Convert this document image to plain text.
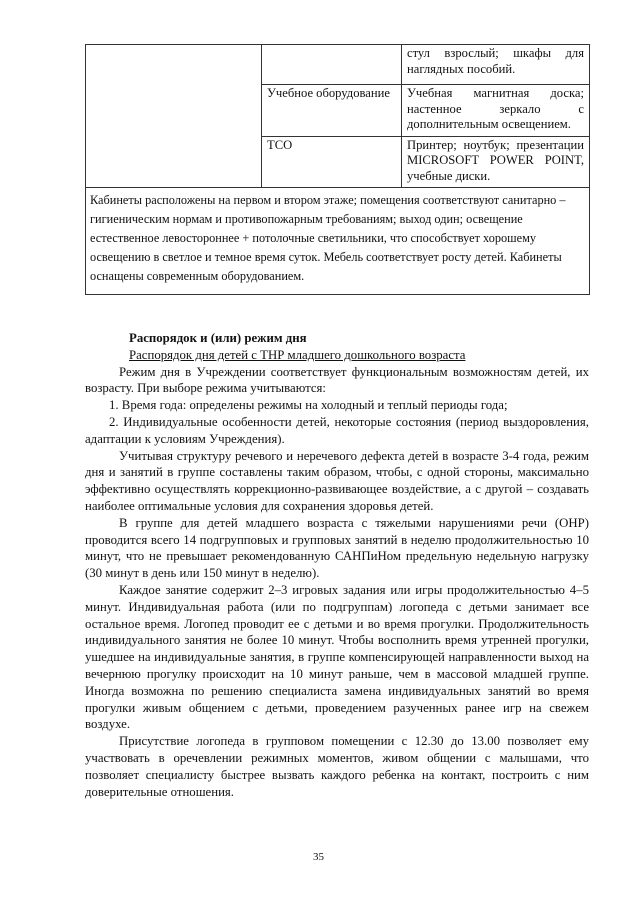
		стул взрослый; шкафы для наглядных пособий.
	Учебное оборудование	Учебная магнитная доска; настенное зеркало с дополнительным освещением.
	ТСО	Принтер; ноутбук; презентации MICROSOFT POWER POINT, учебные диски.
Кабинеты расположены на первом и втором этаже; помещения соответствуют санитарно – гигиеническим нормам и противопожарным требованиям; выход один; освещение естественное левостороннее + потолочные светильники, что способствует хорошему освещению в светлое и темное время суток. Мебель соответствует росту детей. Кабинеты оснащены современным оборудованием.		

Распорядок и (или) режим дня

Распорядок дня детей с ТНР младшего дошкольного возраста

Режим дня в Учреждении соответствует функциональным возможностям детей, их возрасту. При выборе режима учитываются:

1. Время года: определены режимы на холодный и теплый периоды года;

2. Индивидуальные особенности детей, некоторые состояния (период выздоровления, адаптации к условиям Учреждения).

Учитывая структуру речевого и неречевого дефекта детей в возрасте 3-4 года, режим дня и занятий в группе составлены таким образом, чтобы, с одной стороны, максимально эффективно осуществлять коррекционно-развивающее воздействие, а с другой – создавать наиболее оптимальные условия для сохранения здоровья детей.

В группе для детей младшего возраста с тяжелыми нарушениями речи (ОНР) проводится всего 14 подгрупповых и групповых занятий в неделю продолжительностью 10 минут, что не превышает рекомендованную САНПиНом предельную недельную нагрузку (30 минут в день или 150 минут в неделю).

Каждое занятие содержит 2–3 игровых задания или игры продолжительностью 4–5 минут. Индивидуальная работа (или по подгруппам) логопеда с детьми занимает все остальное время. Логопед проводит ее с детьми и во время прогулки. Продолжительность индивидуального занятия не более 10 минут. Чтобы восполнить время утренней прогулки, ушедшее на индивидуальные занятия, в группе компенсирующей направленности выход на вечернюю прогулку происходит на 10 минут раньше, чем в массовой младшей группе. Иногда возможна по решению специалиста замена индивидуальных занятий во время прогулки живым общением с детьми, проведением разученных ранее игр на свежем воздухе.

Присутствие логопеда в групповом помещении с 12.30 до 13.00 позволяет ему участвовать в оречевлении режимных моментов, живом общении с малышами, что позволяет специалисту быстрее вызвать каждого ребенка на контакт, построить с ним доверительные отношения.

35
